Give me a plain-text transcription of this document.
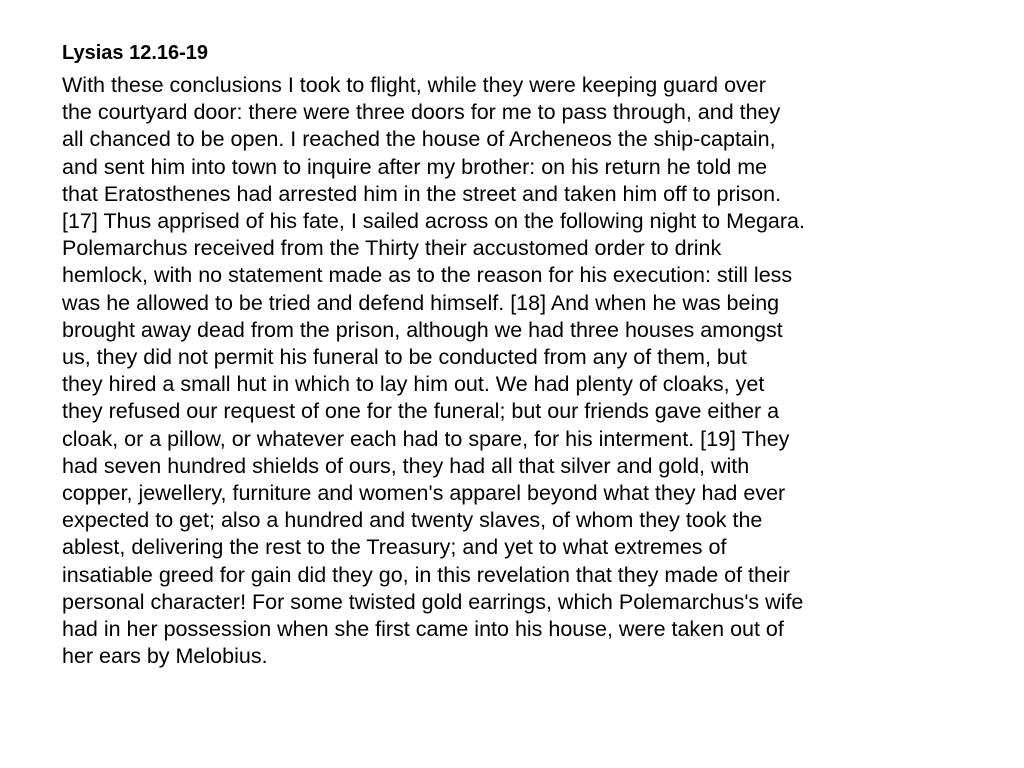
Lysias 12.16-19
With these conclusions I took to flight, while they were keeping guard over
the courtyard door: there were three doors for me to pass through, and they
all chanced to be open. I reached the house of Archeneos the ship-captain,
and sent him into town to inquire after my brother: on his return he told me
that Eratosthenes had arrested him in the street and taken him off to prison.
[17] Thus apprised of his fate, I sailed across on the following night to Megara.
Polemarchus received from the Thirty their accustomed order to drink
hemlock, with no statement made as to the reason for his execution: still less
was he allowed to be tried and defend himself. [18] And when he was being
brought away dead from the prison, although we had three houses amongst
us, they did not permit his funeral to be conducted from any of them, but
they hired a small hut in which to lay him out. We had plenty of cloaks, yet
they refused our request of one for the funeral; but our friends gave either a
cloak, or a pillow, or whatever each had to spare, for his interment. [19] They
had seven hundred shields of ours, they had all that silver and gold, with
copper, jewellery, furniture and women's apparel beyond what they had ever
expected to get; also a hundred and twenty slaves, of whom they took the
ablest, delivering the rest to the Treasury; and yet to what extremes of
insatiable greed for gain did they go, in this revelation that they made of their
personal character! For some twisted gold earrings, which Polemarchus's wife
had in her possession when she first came into his house, were taken out of
her ears by Melobius.
